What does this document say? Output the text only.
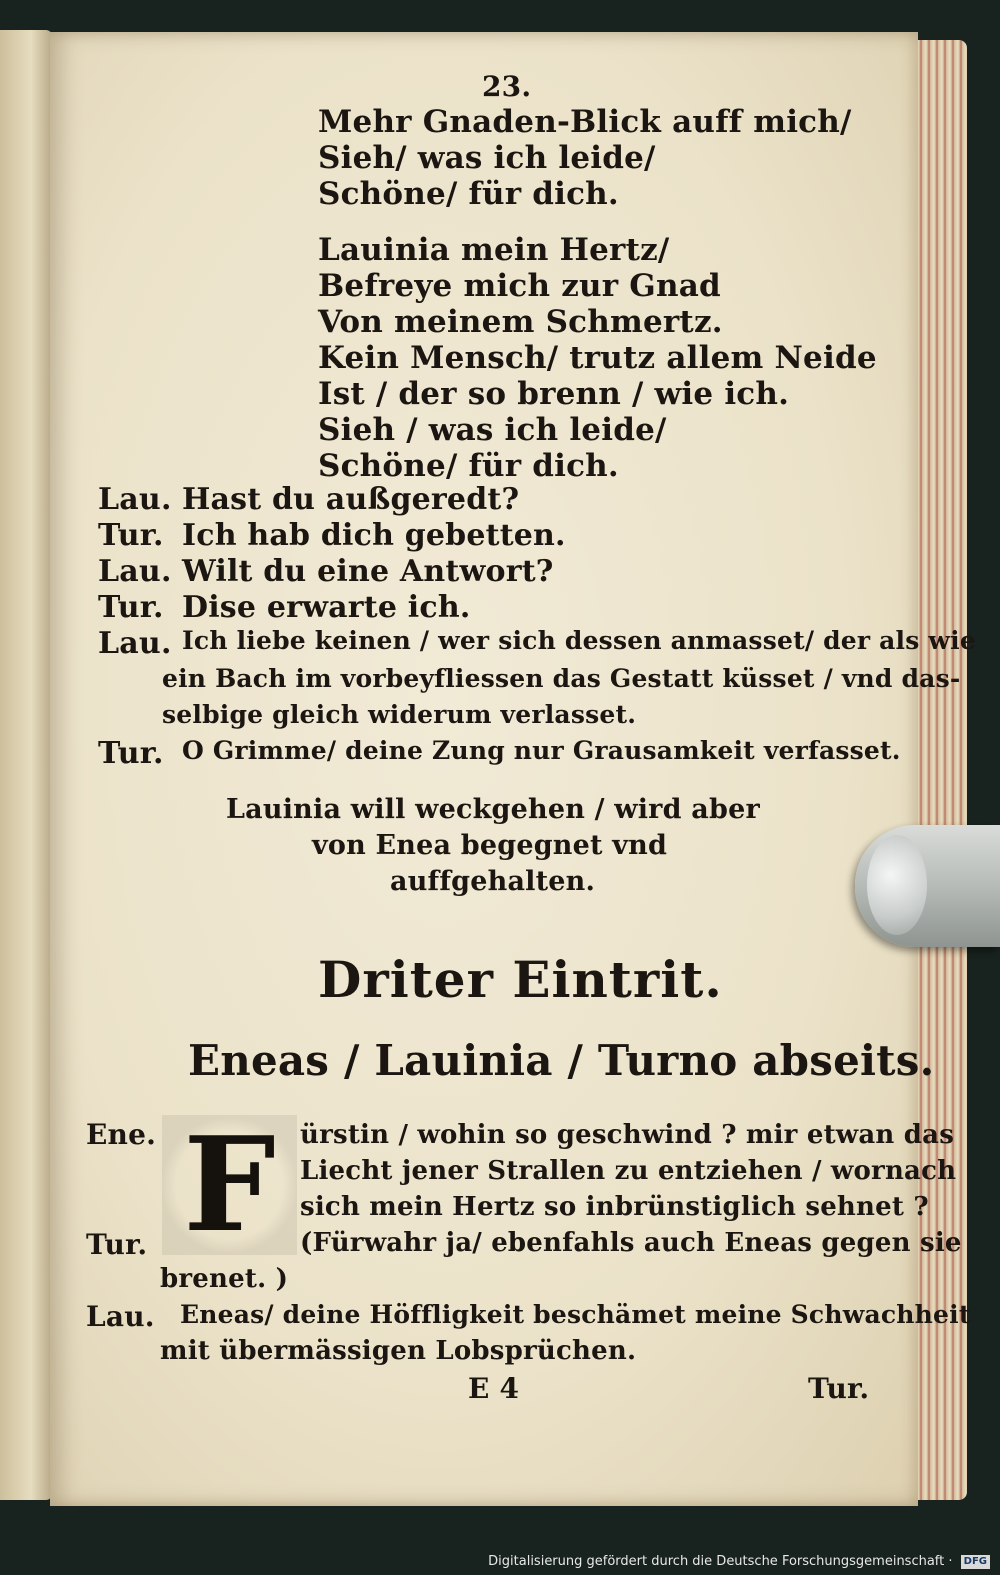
23.
Mehr Gnaden-Blick auff mich/
Sieh/ was ich leide/
Schöne/ für dich.
Lauinia mein Hertz/
Befreye mich zur Gnad
Von meinem Schmertz.
Kein Mensch/ trutz allem Neide
Ist / der so brenn / wie ich.
Sieh / was ich leide/
Schöne/ für dich.
Lau. Hast du außgeredt?
Tur. Ich hab dich gebetten.
Lau. Wilt du eine Antwort?
Tur. Dise erwarte ich.
Lau. Ich liebe keinen / wer sich dessen anmasset/ der als wie
ein Bach im vorbeyfliessen das Gestatt küsset / vnd das-
selbige gleich widerum verlasset.
Tur. O Grimme/ deine Zung nur Grausamkeit verfasset.
Lauinia will weckgehen / wird aber
von Enea begegnet vnd
auffgehalten.
Driter Eintrit.
Eneas / Lauinia / Turno abseits.
Ene. F ürstin / wohin so geschwind ? mir etwan das
Liecht jener Strallen zu entziehen / wornach
sich mein Hertz so inbrünstiglich sehnet ?
Tur.	(Fürwahr ja/ ebenfahls auch Eneas gegen sie
brenet. )
Lau. Eneas/ deine Höffligkeit beschämet meine Schwachheit
mit übermässigen Lobsprüchen.
E 4	Tur.
Digitalisierung gefördert durch die Deutsche Forschungsgemeinschaft · DFG
